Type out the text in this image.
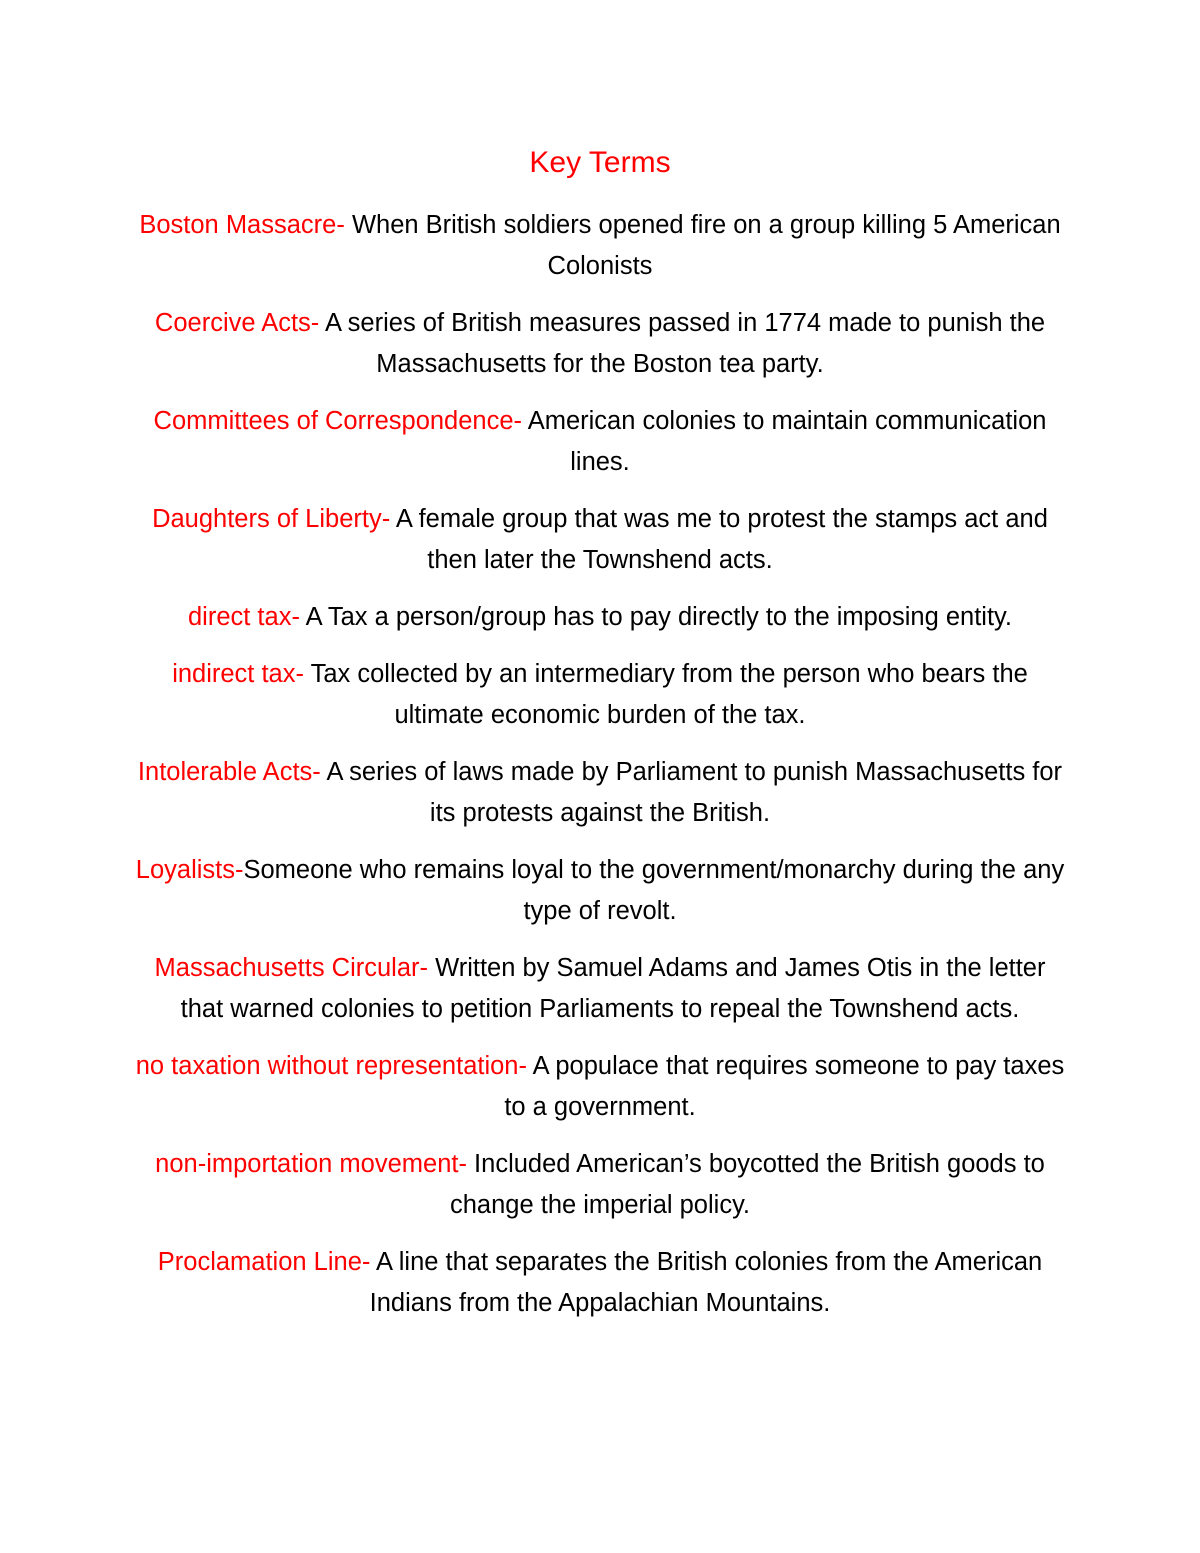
Key Terms

Boston Massacre- When British soldiers opened fire on a group killing 5 American Colonists

Coercive Acts- A series of British measures passed in 1774 made to punish the Massachusetts for the Boston tea party.

Committees of Correspondence- American colonies to maintain communication lines.

Daughters of Liberty- A female group that was me to protest the stamps act and then later the Townshend acts.

direct tax- A Tax a person/group has to pay directly to the imposing entity.

indirect tax- Tax collected by an intermediary from the person who bears the ultimate economic burden of the tax.

Intolerable Acts- A series of laws made by Parliament to punish Massachusetts for its protests against the British.

Loyalists-Someone who remains loyal to the government/monarchy during the any type of revolt.

Massachusetts Circular- Written by Samuel Adams and James Otis in the letter that warned colonies to petition Parliaments to repeal the Townshend acts.

no taxation without representation- A populace that requires someone to pay taxes to a government.

non-importation movement- Included American’s boycotted the British goods to change the imperial policy.

Proclamation Line- A line that separates the British colonies from the American Indians from the Appalachian Mountains.
